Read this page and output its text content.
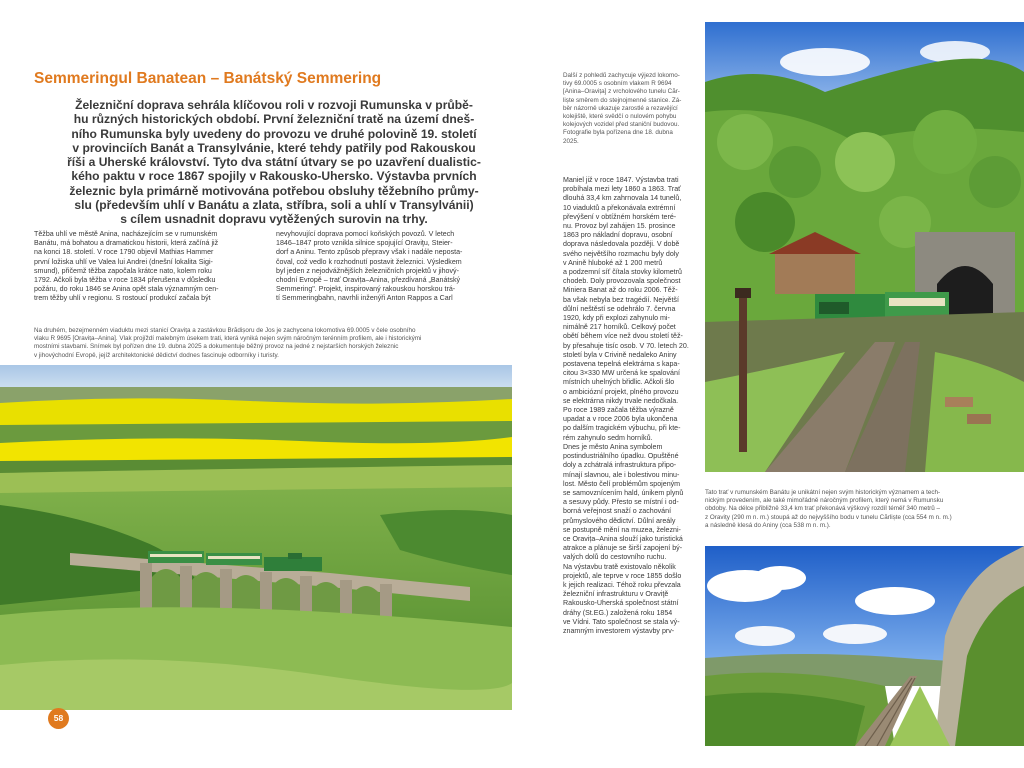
Semmeringul Banatean – Banátský Semmering

Železniční doprava sehrála klíčovou roli v rozvoji Rumunska v průbě-

hu různých historických období. První železniční tratě na území dneš-

ního Rumunska byly uvedeny do provozu ve druhé polovině 19. století

v provinciích Banát a Transylvánie, které tehdy patřily pod Rakouskou

říši a Uherské království. Tyto dva státní útvary se po uzavření dualistic-

kého paktu v roce 1867 spojily v Rakousko-Uhersko. Výstavba prvních

železnic byla primárně motivována potřebou obsluhy těžebního průmy-

slu (především uhlí v Banátu a zlata, stříbra, soli a uhlí v Transylvánii)

s cílem usnadnit dopravu vytěžených surovin na trhy.

Těžba uhlí ve městě Anina, nacházejícím se v rumunském

Banátu, má bohatou a dramatickou historii, která začíná již

na konci 18. století. V roce 1790 objevil Mathias Hammer

první ložiska uhlí ve Valea lui Andrei (dnešní lokalita Sigi-

smund), přičemž těžba započala krátce nato, kolem roku

1792. Ačkoli byla těžba v roce 1834 přerušena v důsledku

požáru, do roku 1846 se Anina opět stala významným cen-

trem těžby uhlí v regionu. S rostoucí produkcí začala být

nevyhovující doprava pomocí koňských povozů. V letech

1846–1847 proto vznikla silnice spojující Oraviţu, Steier-

dorf a Aninu. Tento způsob přepravy však i nadále neposta-

čoval, což vedlo k rozhodnutí postavit železnici. Výsledkem

byl jeden z nejodvážnějších železničních projektů v jihový-

chodní Evropě – trať Oravița–Anina, přezdívaná „Banátský

Semmering". Projekt, inspirovaný rakouskou horskou trá-

tí Semmeringbahn, navrhli inženýři Anton Rappos a Carl

Na druhém, bezejmenném viaduktu mezi stanicí Oravița a zastávkou Brădișoru de Jos je zachycena lokomotiva 69.0005 v čele osobního

vlaku R 9695 [Oravița–Anina]. Vlak projíždí malebným úsekem trati, která vyniká nejen svým náročným terénním profilem, ale i historickými

mostními stavbami. Snímek byl pořízen dne 19. dubna 2025 a dokumentuje běžný provoz na jedné z nejstarších horských železnic

v jihovýchodní Evropě, jejíž architektonické dědictví dodnes fascinuje odborníky i turisty.

58

Další z pohledů zachycuje výjezd lokomo-

tivy 69.0005 s osobním vlakem R 9694

[Anina–Oravița] z vrcholového tunelu Căr-

liște směrem do stejnojmenné stanice. Zá-

běr názorně ukazuje zarostlé a rezavějící

kolejiště, které svědčí o nulovém pohybu

kolejových vozidel před staniční budovou.

Fotografie byla pořízena dne 18. dubna

2025.

Maniel již v roce 1847. Výstavba trati

probíhala mezi lety 1860 a 1863. Trať

dlouhá 33,4 km zahrnovala 14 tunelů,

10 viaduktů a překonávala extrémní

převýšení v obtížném horském teré-

nu. Provoz byl zahájen 15. prosince

1863 pro nákladní dopravu, osobní

doprava následovala později. V době

svého největšího rozmachu byly doly

v Anině hluboké až 1 200 metrů

a podzemní síť čítala stovky kilometrů

chodeb. Doly provozovala společnost

Miniera Banat až do roku 2006. Těž-

ba však nebyla bez tragédií. Největší

důlní neštěstí se odehrálo 7. června

1920, kdy při explozi zahynulo mi-

nimálně 217 horníků. Celkový počet

obětí během více než dvou století těž-

by přesahuje tisíc osob. V 70. letech 20.

století byla v Crivině nedaleko Aniny

postavena tepelná elektrárna s kapa-

citou 3×330 MW určená ke spalování

místních uhelných břidlic. Ačkoli šlo

o ambiciózní projekt, plného provozu

se elektrárna nikdy trvale nedočkala.

Po roce 1989 začala těžba výrazně

upadat a v roce 2006 byla ukončena

po dalším tragickém výbuchu, při kte-

rém zahynulo sedm horníků.

Dnes je město Anina symbolem

postindustriálního úpadku. Opuštěné

doly a zchátralá infrastruktura připo-

mínají slavnou, ale i bolestivou minu-

lost. Město čelí problémům spojeným

se samovznícením hald, únikem plynů

a sesuvy půdy. Přesto se místní i od-

borná veřejnost snaží o zachování

průmyslového dědictví. Důlní areály

se postupně mění na muzea, železni-

ce Oravița–Anina slouží jako turistická

atrakce a plánuje se širší zapojení bý-

valých dolů do cestovního ruchu.

Na výstavbu tratě existovalo několik

projektů, ale teprve v roce 1855 došlo

k jejich realizaci. Téhož roku převzala

železniční infrastrukturu v Oraviţě

Rakousko-Uherská společnost státní

dráhy (St.EG.) založená roku 1854

ve Vídni. Tato společnost se stala vý-

znamným investorem výstavby prv-

Tato trať v rumunském Banátu je unikátní nejen svým historickým významem a tech-

nickým provedením, ale také mimořádně náročným profilem, který nemá v Rumunsku

obdoby. Na délce přibližně 33,4 km trať překonává výškový rozdíl téměř 340 metrů –

z Oravițy (290 m n. m.) stoupá až do nejvyššího bodu v tunelu Cărliște (cca 554 m n. m.)

a následně klesá do Aniny (cca 538 m n. m.).
